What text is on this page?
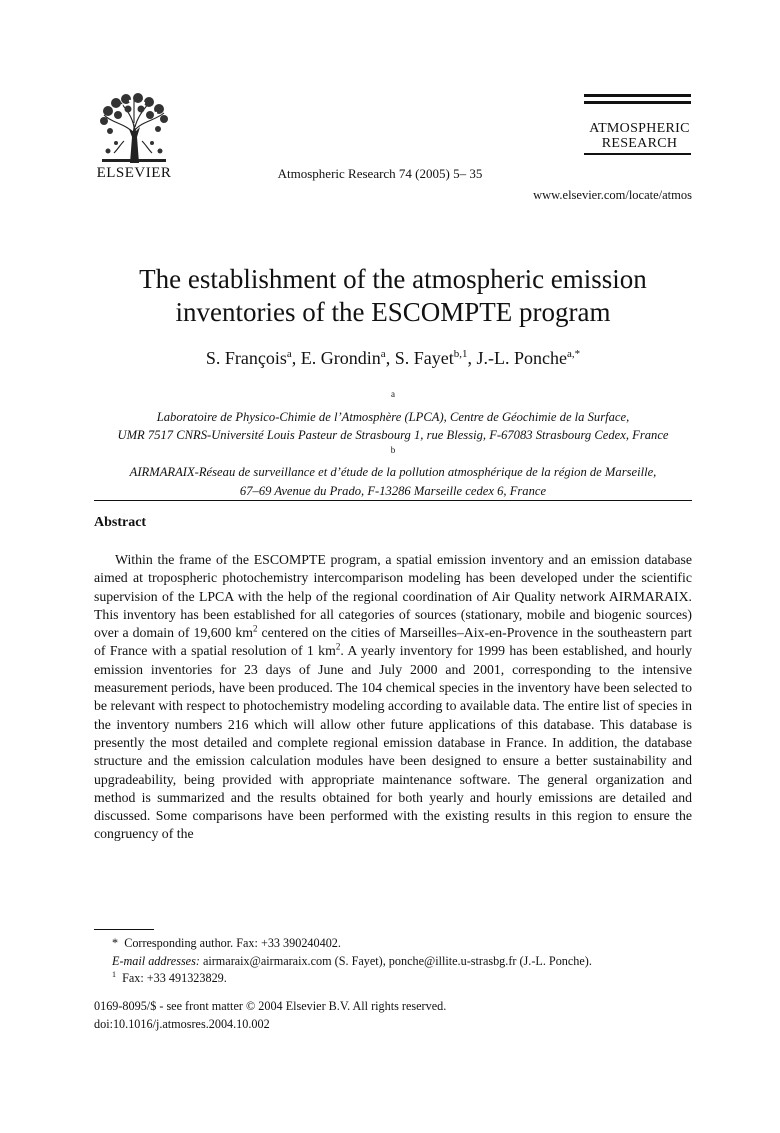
ELSEVIER	Atmospheric Research 74 (2005) 5– 35
ATMOSPHERIC
RESEARCH
www.elsevier.com/locate/atmos
The establishment of the atmospheric emission
inventories of the ESCOMPTE program
S. François$^a$, E. Grondin$^a$, S. Fayet$^{b,1}$, J.-L. Ponche$^{a,*}$
$^a$
Laboratoire de Physico-Chimie de l’Atmosphère (LPCA), Centre de Géochimie de la Surface,
UMR 7517 CNRS-Université Louis Pasteur de Strasbourg 1, rue Blessig, F-67083 Strasbourg Cedex, France
$^b$
AIRMARAIX-Réseau de surveillance et d’étude de la pollution atmosphérique de la région de Marseille,
67–69 Avenue du Prado, F-13286 Marseille cedex 6, France
Abstract
Within the frame of the ESCOMPTE program, a spatial emission inventory and an emission database aimed at tropospheric photochemistry intercomparison modeling has been developed under the scientific supervision of the LPCA with the help of the regional coordination of Air Quality network AIRMARAIX. This inventory has been established for all categories of sources (stationary, mobile and biogenic sources) over a domain of 19,600 $km^2$ centered on the cities of Marseilles–Aix-en-Provence in the southeastern part of France with a spatial resolution of 1 $km^2$. A yearly inventory for 1999 has been established, and hourly emission inventories for 23 days of June and July 2000 and 2001, corresponding to the intensive measurement periods, have been produced. The 104 chemical species in the inventory have been selected to be relevant with respect to photochemistry modeling according to available data. The entire list of species in the inventory numbers 216 which will allow other future applications of this database. This database is presently the most detailed and complete regional emission database in France. In addition, the database structure and the emission calculation modules have been designed to ensure a better sustainability and upgradeability, being provided with appropriate maintenance software. The general organization and method is summarized and the results obtained for both yearly and hourly emissions are detailed and discussed. Some comparisons have been performed with the existing results in this region to ensure the congruency of the
* Corresponding author. Fax: +33 390240402.
E-mail addresses: airmaraix@airmaraix.com (S. Fayet), ponche@illite.u-strasbg.fr (J.-L. Ponche).
$^1$ Fax: +33 491323829.
0169-8095/$ - see front matter © 2004 Elsevier B.V. All rights reserved.
doi:10.1016/j.atmosres.2004.10.002
